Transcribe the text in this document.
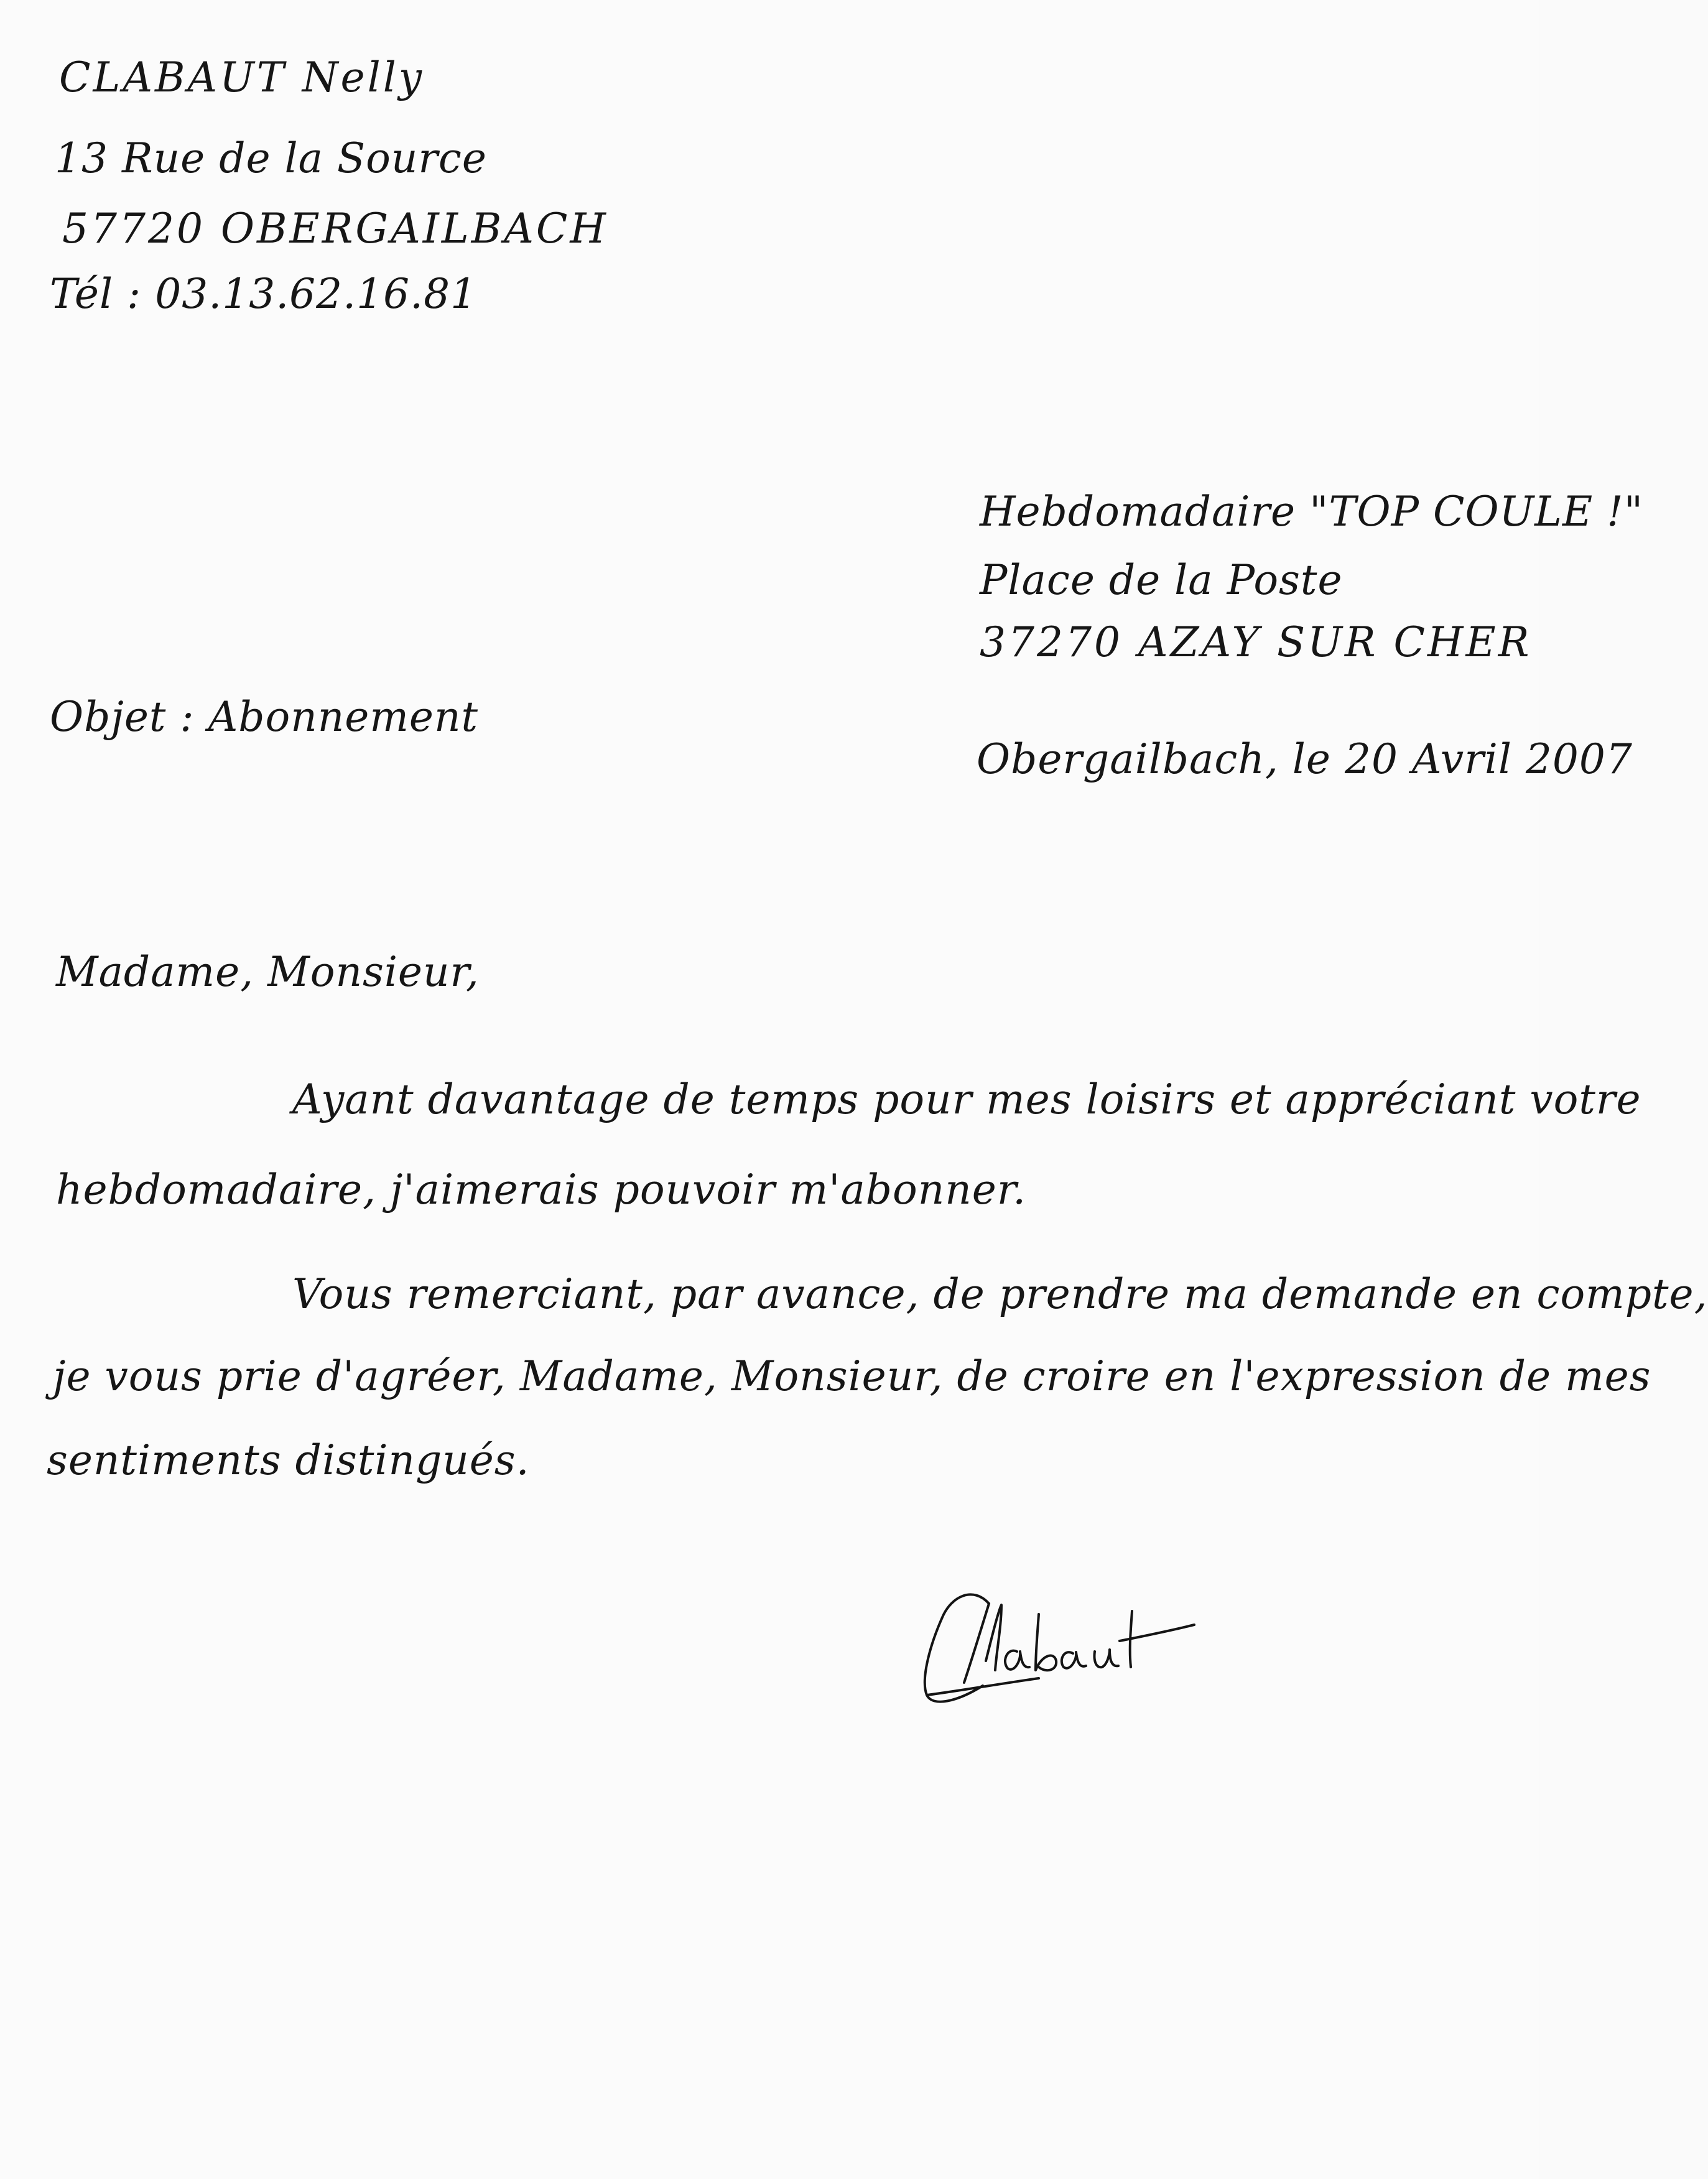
CLABAUT Nelly
13 Rue de la Source
57720 OBERGAILBACH
Tél : 03.13.62.16.81
Hebdomadaire "TOP COULE !"
Place de la Poste
37270 AZAY SUR CHER
Objet : Abonnement
Obergailbach, le 20 Avril 2007
Madame, Monsieur,
Ayant davantage de temps pour mes loisirs et appréciant votre
hebdomadaire, j'aimerais pouvoir m'abonner.
Vous remerciant, par avance, de prendre ma demande en compte,
je vous prie d'agréer, Madame, Monsieur, de croire en l'expression de mes
sentiments distingués.
